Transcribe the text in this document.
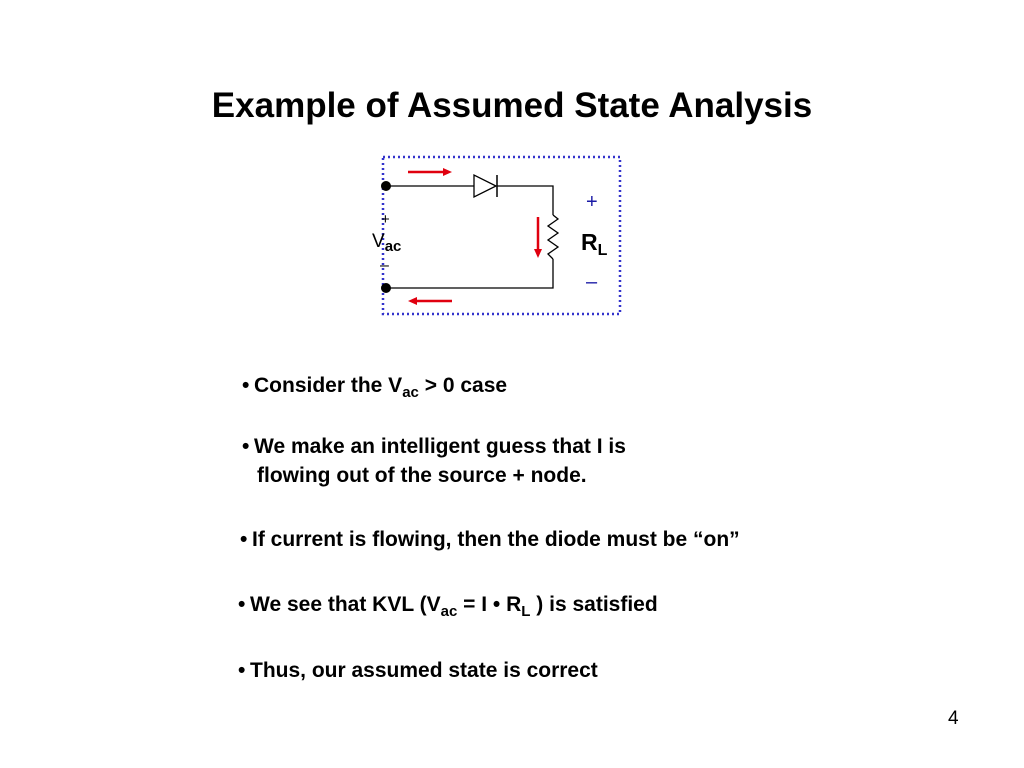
Example of Assumed State Analysis
+
$V_{ac}$
–
+
$R_L$
–
• Consider the $V_{ac} > 0$ case
• We make an intelligent guess that I is
flowing out of the source + node.
• If current is flowing, then the diode must be “on”
• We see that KVL ($V_{ac} = I$ • $R_L$ ) is satisfied
• Thus, our assumed state is correct
4
